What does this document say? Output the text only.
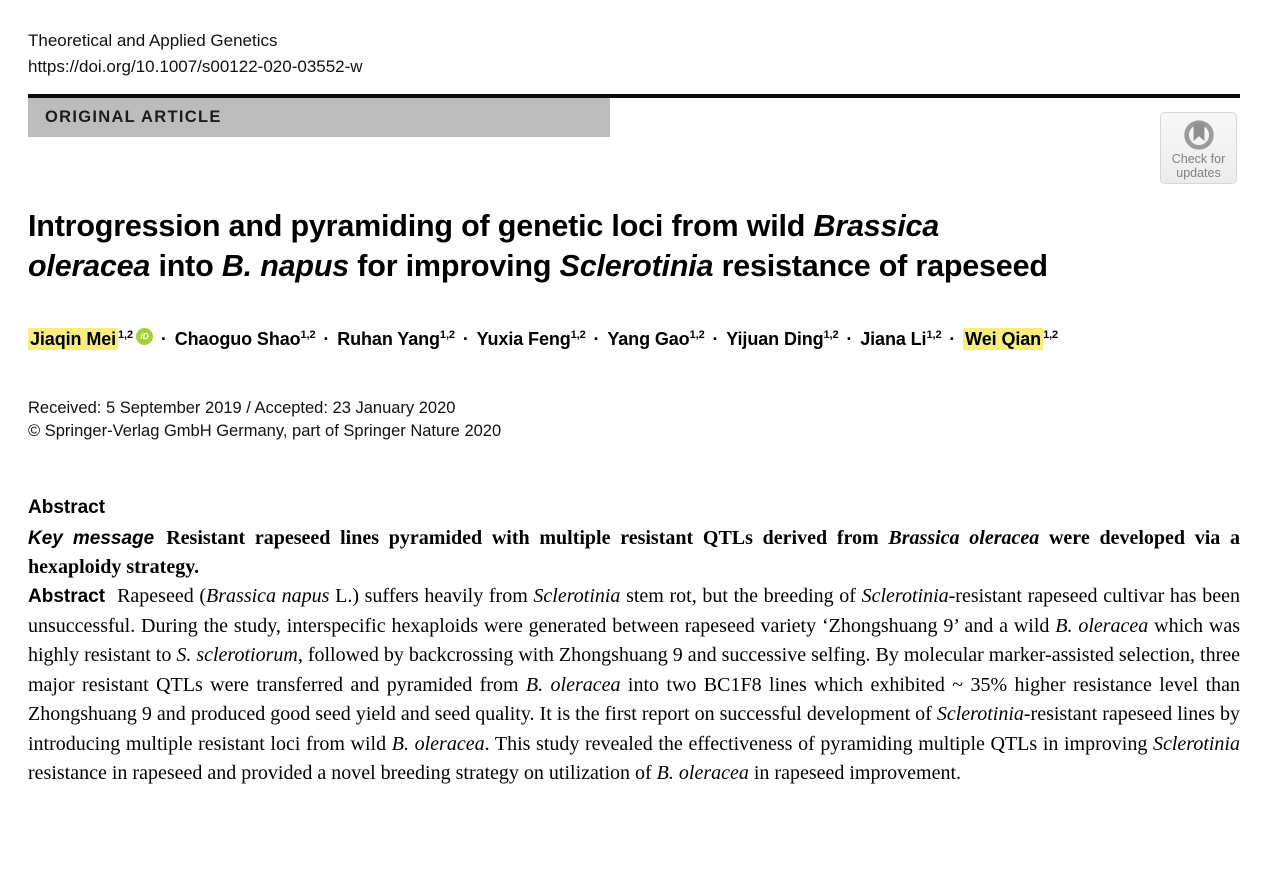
Theoretical and Applied Genetics
https://doi.org/10.1007/s00122-020-03552-w
ORIGINAL ARTICLE
Check for
updates
Introgression and pyramiding of genetic loci from wild Brassica
oleracea into B. napus for improving Sclerotinia resistance of rapeseed
Jiaqin Mei $^{1,2}$ iD · Chaoguo Shao$^{1,2}$ · Ruhan Yang$^{1,2}$ · Yuxia Feng$^{1,2}$ · Yang Gao$^{1,2}$ · Yijuan Ding$^{1,2}$ · Jiana Li$^{1,2}$ · Wei Qian $^{1,2}$
Received: 5 September 2019 / Accepted: 23 January 2020
© Springer-Verlag GmbH Germany, part of Springer Nature 2020
Abstract

Key message Resistant rapeseed lines pyramided with multiple resistant QTLs derived from Brassica oleracea were developed via a hexaploidy strategy.

Abstract Rapeseed (Brassica napus L.) suffers heavily from Sclerotinia stem rot, but the breeding of Sclerotinia-resistant rapeseed cultivar has been unsuccessful. During the study, interspecific hexaploids were generated between rapeseed variety ‘Zhongshuang 9’ and a wild B. oleracea which was highly resistant to S. sclerotiorum, followed by backcrossing with Zhongshuang 9 and successive selfing. By molecular marker-assisted selection, three major resistant QTLs were transferred and pyramided from B. oleracea into two BC1F8 lines which exhibited ~ 35% higher resistance level than Zhongshuang 9 and produced good seed yield and seed quality. It is the first report on successful development of Sclerotinia-resistant rapeseed lines by introducing multiple resistant loci from wild B. oleracea. This study revealed the effectiveness of pyramiding multiple QTLs in improving Sclerotinia resistance in rapeseed and provided a novel breeding strategy on utilization of B. oleracea in rapeseed improvement.
